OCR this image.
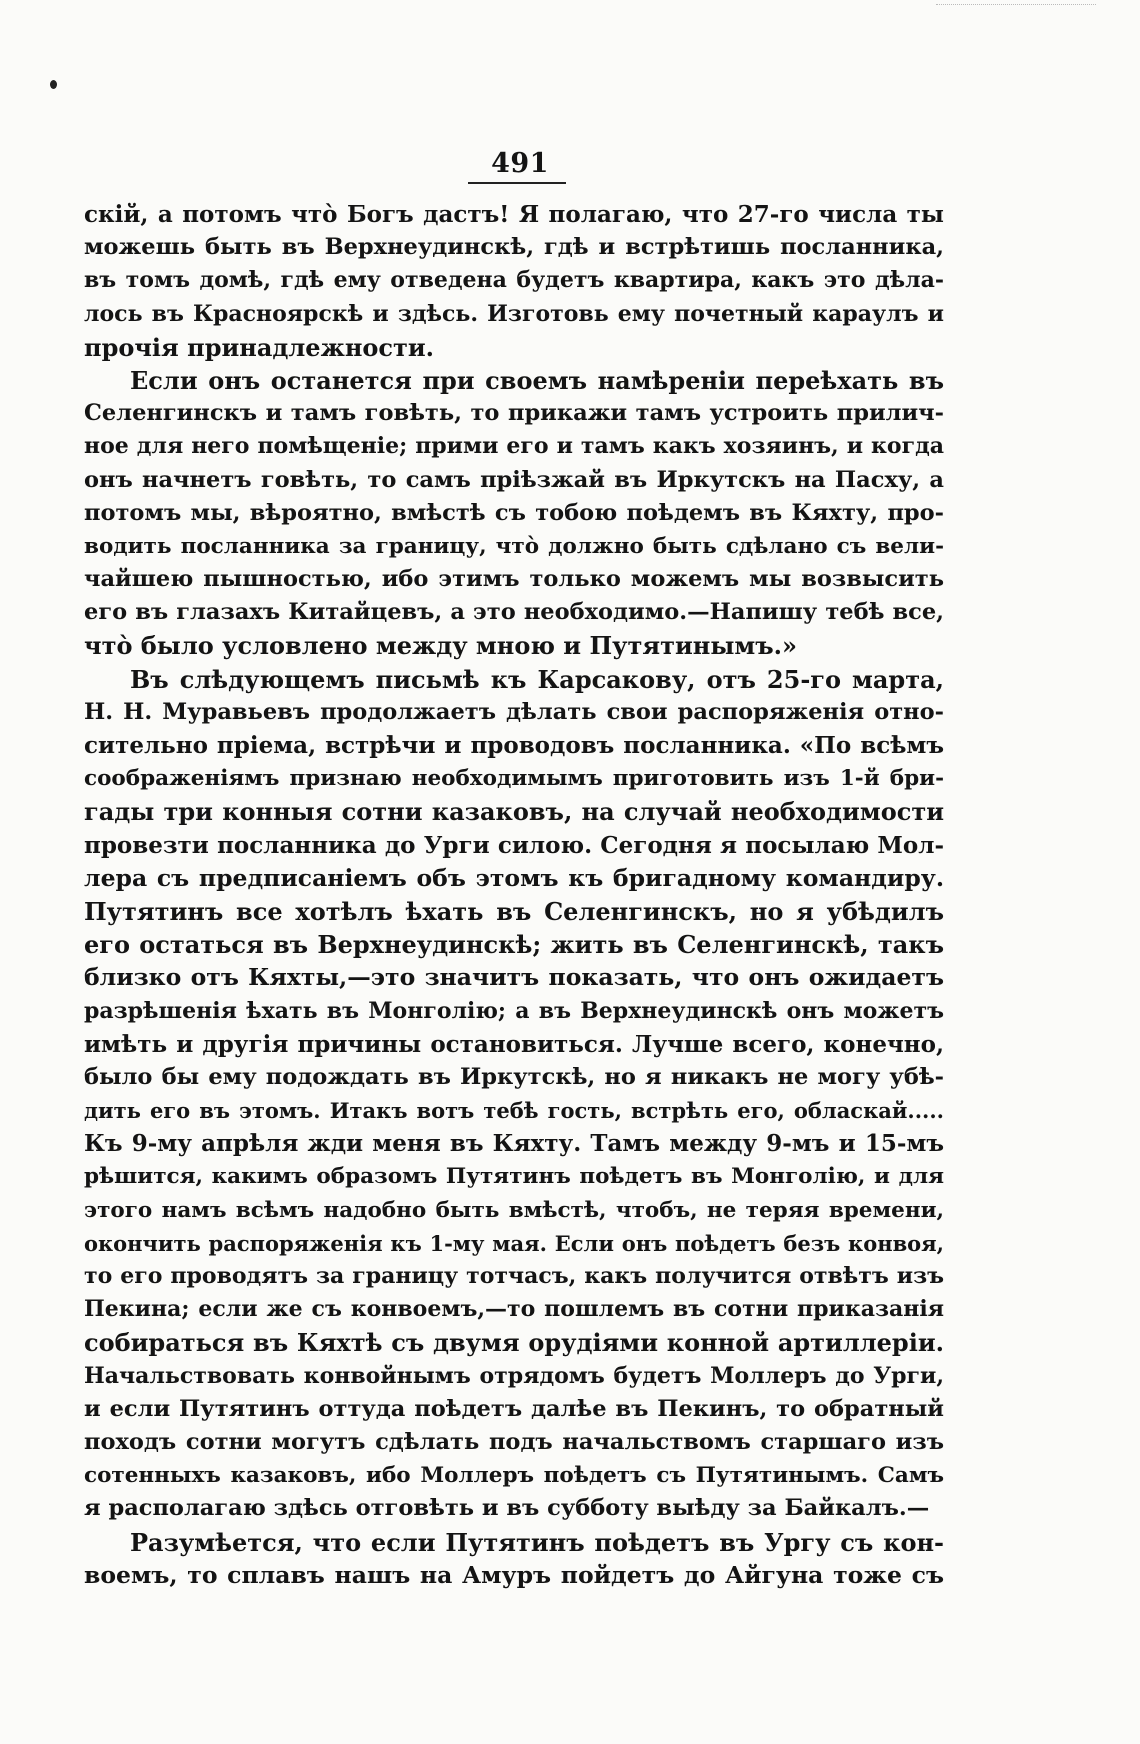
491
скій, а потомъ что̀ Богъ дастъ! Я полагаю, что 27-го числа ты
можешь быть въ Верхнеудинскѣ, гдѣ и встрѣтишь посланника,
въ томъ домѣ, гдѣ ему отведена будетъ квартира, какъ это дѣла-
лось въ Красноярскѣ и здѣсь. Изготовь ему почетный караулъ и
прочія принадлежности.
Если онъ останется при своемъ намѣреніи переѣхать въ
Селенгинскъ и тамъ говѣть, то прикажи тамъ устроить прилич-
ное для него помѣщеніе; прими его и тамъ какъ хозяинъ, и когда
онъ начнетъ говѣть, то самъ пріѣзжай въ Иркутскъ на Пасху, а
потомъ мы, вѣроятно, вмѣстѣ съ тобою поѣдемъ въ Кяхту, про-
водить посланника за границу, что̀ должно быть сдѣлано съ вели-
чайшею пышностью, ибо этимъ только можемъ мы возвысить
его въ глазахъ Китайцевъ, а это необходимо.—Напишу тебѣ все,
что̀ было условлено между мною и Путятинымъ.»
Въ слѣдующемъ письмѣ къ Карсакову, отъ 25-го марта,
Н. Н. Муравьевъ продолжаетъ дѣлать свои распоряженія отно-
сительно пріема, встрѣчи и проводовъ посланника. «По всѣмъ
соображеніямъ признаю необходимымъ приготовить изъ 1-й бри-
гады три конныя сотни казаковъ, на случай необходимости
провезти посланника до Урги силою. Сегодня я посылаю Мол-
лера съ предписаніемъ объ этомъ къ бригадному командиру.
Путятинъ все хотѣлъ ѣхать въ Селенгинскъ, но я убѣдилъ
его остаться въ Верхнеудинскѣ; жить въ Селенгинскѣ, такъ
близко отъ Кяхты,—это значитъ показать, что онъ ожидаетъ
разрѣшенія ѣхать въ Монголію; а въ Верхнеудинскѣ онъ можетъ
имѣть и другія причины остановиться. Лучше всего, конечно,
было бы ему подождать въ Иркутскѣ, но я никакъ не могу убѣ-
дить его въ этомъ. Итакъ вотъ тебѣ гость, встрѣть его, обласкай.....
Къ 9-му апрѣля жди меня въ Кяхту. Тамъ между 9-мъ и 15-мъ
рѣшится, какимъ образомъ Путятинъ поѣдетъ въ Монголію, и для
этого намъ всѣмъ надобно быть вмѣстѣ, чтобъ, не теряя времени,
окончить распоряженія къ 1-му мая. Если онъ поѣдетъ безъ конвоя,
то его проводятъ за границу тотчасъ, какъ получится отвѣтъ изъ
Пекина; если же съ конвоемъ,—то пошлемъ въ сотни приказанія
собираться въ Кяхтѣ съ двумя орудіями конной артиллеріи.
Начальствовать конвойнымъ отрядомъ будетъ Моллеръ до Урги,
и если Путятинъ оттуда поѣдетъ далѣе въ Пекинъ, то обратный
походъ сотни могутъ сдѣлать подъ начальствомъ старшаго изъ
сотенныхъ казаковъ, ибо Моллеръ поѣдетъ съ Путятинымъ. Самъ
я располагаю здѣсь отговѣть и въ субботу выѣду за Байкалъ.—
Разумѣется, что если Путятинъ поѣдетъ въ Ургу съ кон-
воемъ, то сплавъ нашъ на Амуръ пойдетъ до Айгуна тоже съ
